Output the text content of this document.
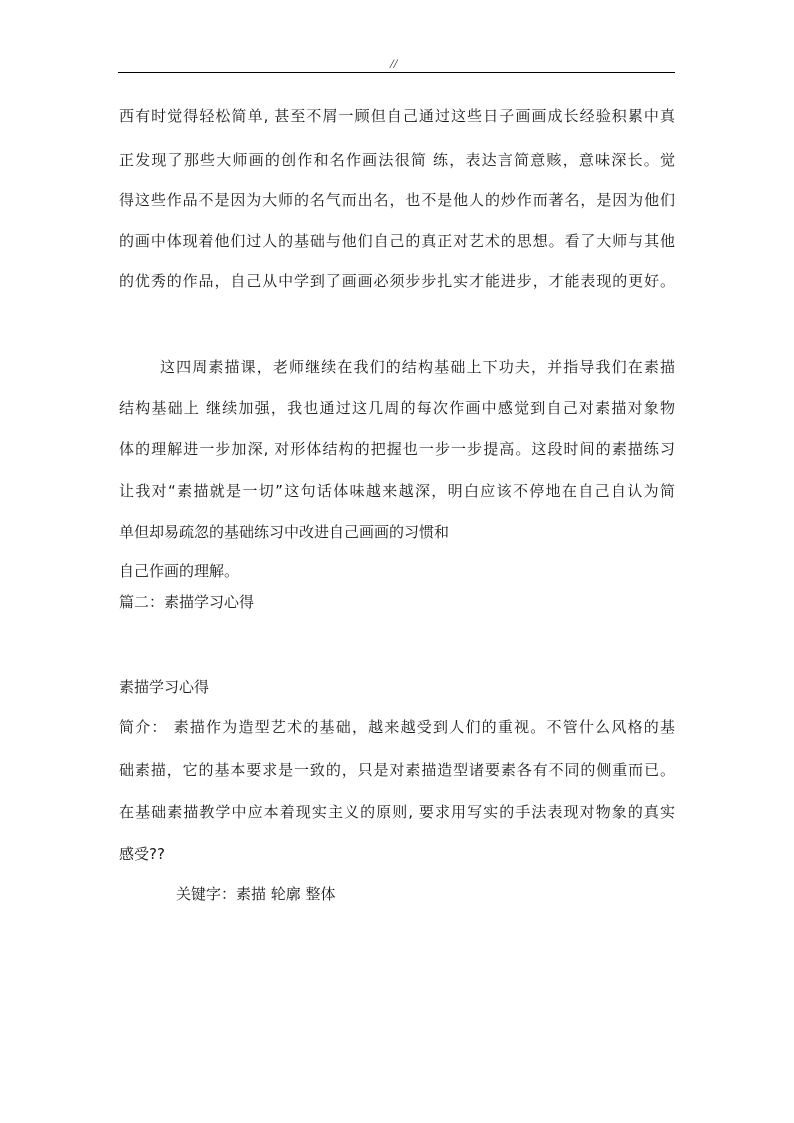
//
西有时觉得轻松简单, 甚至不屑一顾但自己通过这些日子画画成长经验积累中真
正发现了那些大师画的创作和名作画法很简 练，表达言简意赅，意味深长。觉
得这些作品不是因为大师的名气而出名，也不是他人的炒作而著名，是因为他们
的画中体现着他们过人的基础与他们自己的真正对艺术的思想。看了大师与其他
的优秀的作品，自己从中学到了画画必须步步扎实才能进步，才能表现的更好。
这四周素描课，老师继续在我们的结构基础上下功夫，并指导我们在素描
结构基础上 继续加强，我也通过这几周的每次作画中感觉到自己对素描对象物
体的理解进一步加深, 对形体结构的把握也一步一步提高。这段时间的素描练习
让我对“素描就是一切”这句话体味越来越深，明白应该不停地在自己自认为简
单但却易疏忽的基础练习中改进自己画画的习惯和
自己作画的理解。
篇二：素描学习心得
素描学习心得
简介： 素描作为造型艺术的基础，越来越受到人们的重视。不管什么风格的基
础素描，它的基本要求是一致的，只是对素描造型诸要素各有不同的侧重而已。
在基础素描教学中应本着现实主义的原则, 要求用写实的手法表现对物象的真实
感受??
关键字：素描 轮廓 整体
